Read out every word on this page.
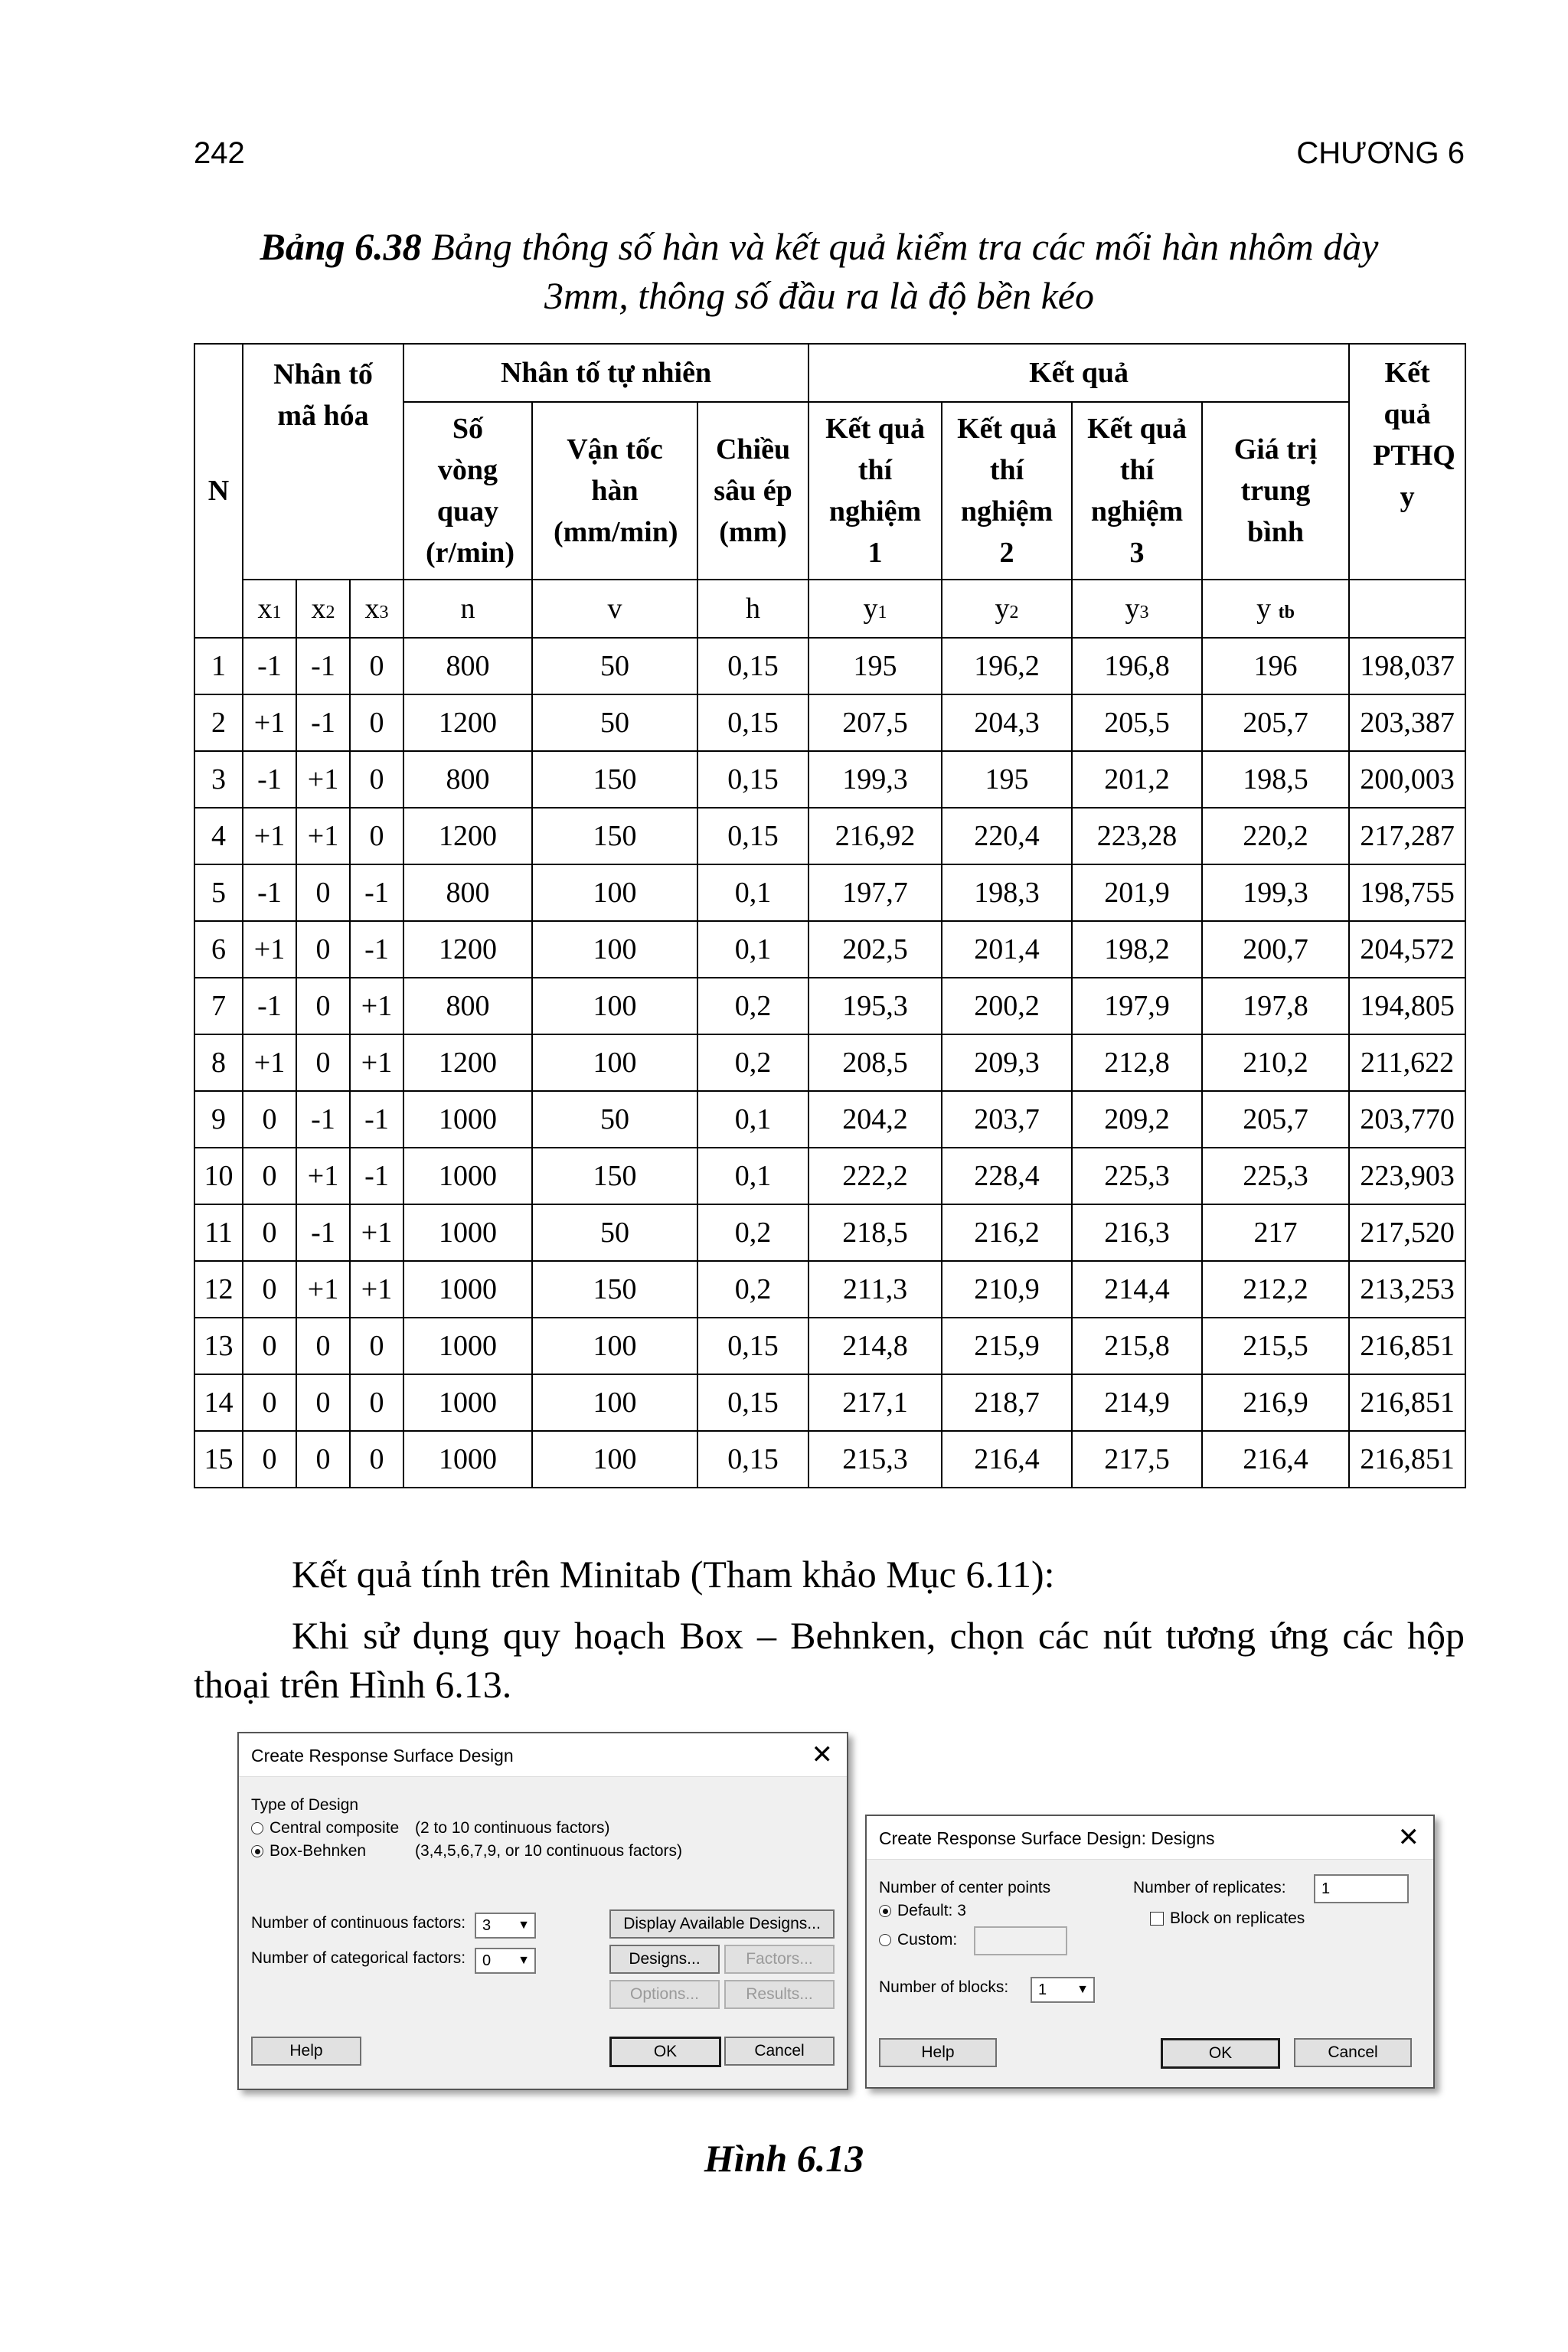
242	CHƯƠNG 6
Bảng 6.38 Bảng thông số hàn và kết quả kiểm tra các mối hàn nhôm dày
3mm, thông số đầu ra là độ bền kéo
N	Nhân tố mã hóa			Nhân tố tự nhiên			Kết quả				Kết quả PTHQ y

				Số vòng quay (r/min)	Vận tốc hàn (mm/min)	Chiều sâu ép (mm)	Kết quả thí nghiệm 1	Kết quả thí nghiệm 2	Kết quả thí nghiệm 3	Giá trị trung bình	

	x1	x2	x3	n	v	h	y1	y2	y3	y tb	
1	-1	-1	0	800	50	0,15	195	196,2	196,8	196	198,037
2	+1	-1	0	1200	50	0,15	207,5	204,3	205,5	205,7	203,387
3	-1	+1	0	800	150	0,15	199,3	195	201,2	198,5	200,003
4	+1	+1	0	1200	150	0,15	216,92	220,4	223,28	220,2	217,287
5	-1	0	-1	800	100	0,1	197,7	198,3	201,9	199,3	198,755
6	+1	0	-1	1200	100	0,1	202,5	201,4	198,2	200,7	204,572
7	-1	0	+1	800	100	0,2	195,3	200,2	197,9	197,8	194,805
8	+1	0	+1	1200	100	0,2	208,5	209,3	212,8	210,2	211,622
9	0	-1	-1	1000	50	0,1	204,2	203,7	209,2	205,7	203,770
10	0	+1	-1	1000	150	0,1	222,2	228,4	225,3	225,3	223,903
11	0	-1	+1	1000	50	0,2	218,5	216,2	216,3	217	217,520
12	0	+1	+1	1000	150	0,2	211,3	210,9	214,4	212,2	213,253
13	0	0	0	1000	100	0,15	214,8	215,9	215,8	215,5	216,851
14	0	0	0	1000	100	0,15	217,1	218,7	214,9	216,9	216,851
15	0	0	0	1000	100	0,15	215,3	216,4	217,5	216,4	216,851
Kết quả tính trên Minitab (Tham khảo Mục 6.11):
Khi sử dụng quy hoạch Box – Behnken, chọn các nút tương ứng các hộp thoại trên Hình 6.13.
Create Response Surface Design	✕
Type of Design
Central composite (2 to 10 continuous factors)
Box-Behnken	(3,4,5,6,7,9, or 10 continuous factors)
Number of continuous factors: 3 ▼
Number of categorical factors: 0 ▼
Display Available Designs...
Designs...	Factors...
Options...	Results...
Help	OK	Cancel
Create Response Surface Design: Designs	✕
Number of center points
Default: 3
Custom:
Number of replicates:	1
Block on replicates
Number of blocks: 1 ▼
Help	OK	Cancel
Hình 6.13
